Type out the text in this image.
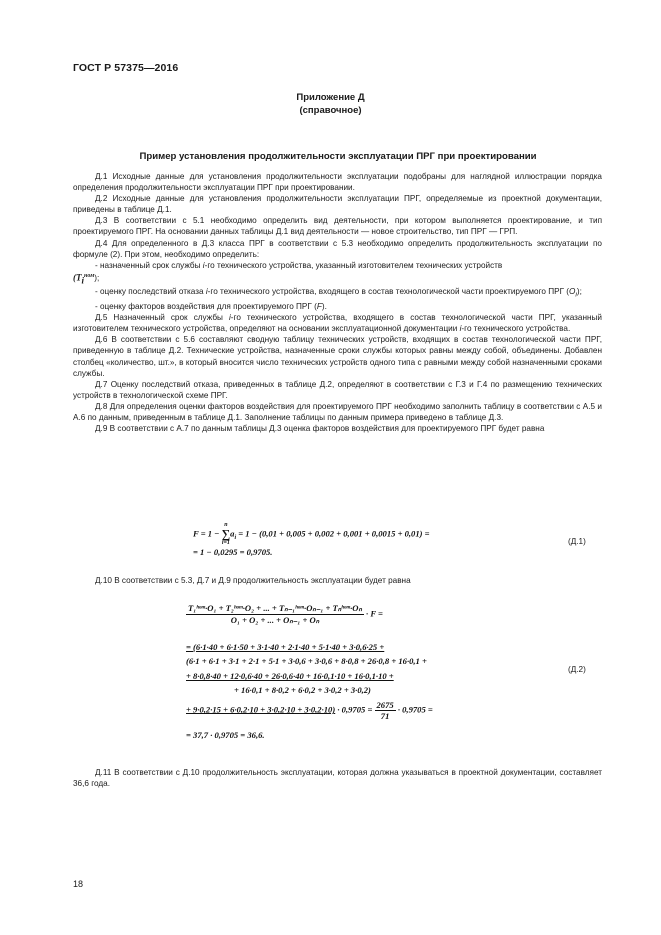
ГОСТ Р 57375—2016
Приложение Д
(справочное)
Пример установления продолжительности эксплуатации ПРГ при проектировании

Д.1 Исходные данные для установления продолжительности эксплуатации подобраны для наглядной иллюстрации порядка определения продолжительности эксплуатации ПРГ при проектировании.

Д.2 Исходные данные для установления продолжительности эксплуатации ПРГ, определяемые из проектной документации, приведены в таблице Д.1.

Д.3 В соответствии с 5.1 необходимо определить вид деятельности, при котором выполняется проектирование, и тип проектируемого ПРГ. На основании данных таблицы Д.1 вид деятельности — новое строительство, тип ПРГ — ГРП.

Д.4 Для определенного в Д.3 класса ПРГ в соответствии с 5.3 необходимо определить продолжительность эксплуатации по формуле (2). При этом, необходимо определить:

- назначенный срок службы i-го технического устройства, указанный изготовителем технических устройств

$(T_i^{ном})$;

- оценку последствий отказа i-го технического устройства, входящего в состав технологической части проектируемого ПРГ $(O_i)$;

- оценку факторов воздействия для проектируемого ПРГ (F).

Д.5 Назначенный срок службы i-го технического устройства, входящего в состав технологической части ПРГ, указанный изготовителем технического устройства, определяют на основании эксплуатационной документации i-го технического устройства.

Д.6 В соответствии с 5.6 составляют сводную таблицу технических устройств, входящих в состав технологической части ПРГ, приведенную в таблице Д.2. Технические устройства, назначенные сроки службы которых равны между собой, объединены. Добавлен столбец «количество, шт.», в который вносится число технических устройств одного типа с равными между собой назначенными сроками службы.

Д.7 Оценку последствий отказа, приведенных в таблице Д.2, определяют в соответствии с Г.3 и Г.4 по размещению технических устройств в технологической схеме ПРГ.

Д.8 Для определения оценки факторов воздействия для проектируемого ПРГ необходимо заполнить таблицу в соответствии с А.5 и А.6 по данным, приведенным в таблице Д.1. Заполнение таблицы по данным примера приведено в таблице Д.3.

Д.9 В соответствии с А.7 по данным таблицы Д.3 оценка факторов воздействия для проектируемого ПРГ будет равна

F = 1 −
n
∑
i=1
$a_i = 1 - (0,01 + 0,005 + 0,002 + 0,001 + 0,0015 + 0,01)$ =
= 1 − 0,0295 = 0,9705.
(Д.1)

Д.10 В соответствии с 5.3, Д.7 и Д.9 продолжительность эксплуатации будет равна

$\frac{\text{T₁ʰᵒᵐ·O₁ + T₂ʰᵒᵐ·O₂ + ... + Tₙ₋₁ʰᵒᵐ·Oₙ₋₁ + Tₙʰᵒᵐ·Oₙ}}{\text{O₁ + O₂ + ... + Oₙ₋₁ + Oₙ}} \cdot F$ =
= (6·1·40 + 6·1·50 + 3·1·40 + 2·1·40 + 5·1·40 + 3·0,6·25 +
(6·1 + 6·1 + 3·1 + 2·1 + 5·1 + 3·0,6 + 3·0,6 + 8·0,8 + 26·0,8 + 16·0,1 +
+ 8·0,8·40 + 12·0,6·40 + 26·0,6·40 + 16·0,1·10 + 16·0,1·10 +
+ 16·0,1 + 8·0,2 + 6·0,2 + 3·0,2 + 3·0,2)
+ $9\cdot 0,2\cdot 15 + 6\cdot 0,2\cdot 10 + 3\cdot 0,2\cdot 10 + 3\cdot 0,2\cdot 10) \cdot 0,9705 = \frac{2675}{71} \cdot 0,9705$ =
= 37,7 · 0,9705 = 36,6.
(Д.2)

Д.11 В соответствии с Д.10 продолжительность эксплуатации, которая должна указываться в проектной документации, составляет 36,6 года.

18
